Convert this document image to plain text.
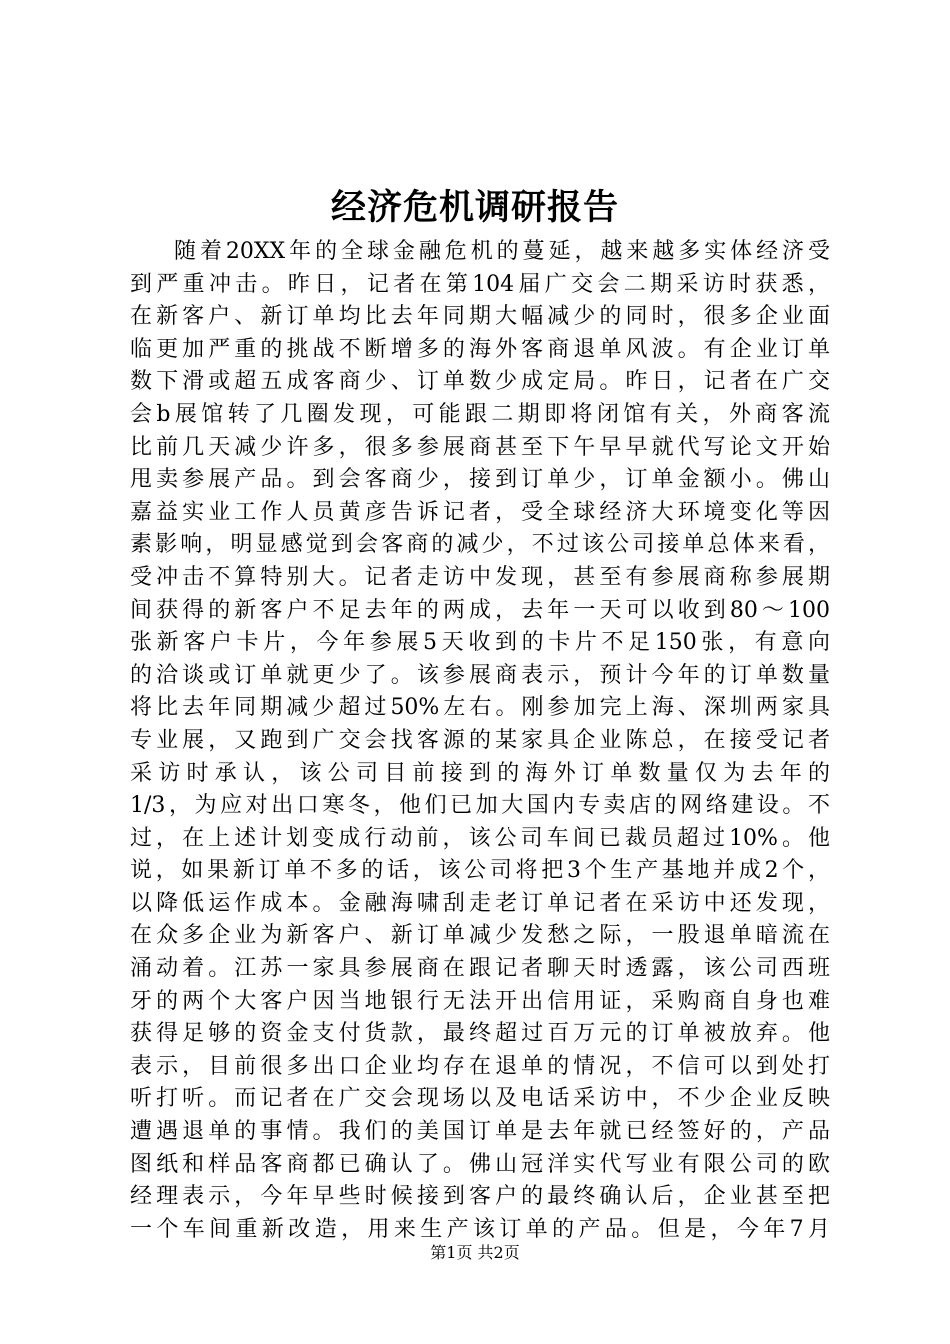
经济危机调研报告
随着20XX年的全球金融危机的蔓延，越来越多实体经济受
到严重冲击。昨日，记者在第104届广交会二期采访时获悉，
在新客户、新订单均比去年同期大幅减少的同时，很多企业面
临更加严重的挑战不断增多的海外客商退单风波。有企业订单
数下滑或超五成客商少、订单数少成定局。昨日，记者在广交
会b展馆转了几圈发现，可能跟二期即将闭馆有关，外商客流
比前几天减少许多，很多参展商甚至下午早早就代写论文开始
甩卖参展产品。到会客商少，接到订单少，订单金额小。佛山
嘉益实业工作人员黄彦告诉记者，受全球经济大环境变化等因
素影响，明显感觉到会客商的减少，不过该公司接单总体来看，
受冲击不算特别大。记者走访中发现，甚至有参展商称参展期
间获得的新客户不足去年的两成，去年一天可以收到80～100
张新客户卡片，今年参展5天收到的卡片不足150张，有意向
的洽谈或订单就更少了。该参展商表示，预计今年的订单数量
将比去年同期减少超过50%左右。刚参加完上海、深圳两家具
专业展，又跑到广交会找客源的某家具企业陈总，在接受记者
采访时承认，该公司目前接到的海外订单数量仅为去年的
1/3，为应对出口寒冬，他们已加大国内专卖店的网络建设。不
过，在上述计划变成行动前，该公司车间已裁员超过10%。他
说，如果新订单不多的话，该公司将把3个生产基地并成2个，
以降低运作成本。金融海啸刮走老订单记者在采访中还发现，
在众多企业为新客户、新订单减少发愁之际，一股退单暗流在
涌动着。江苏一家具参展商在跟记者聊天时透露，该公司西班
牙的两个大客户因当地银行无法开出信用证，采购商自身也难
获得足够的资金支付货款，最终超过百万元的订单被放弃。他
表示，目前很多出口企业均存在退单的情况，不信可以到处打
听打听。而记者在广交会现场以及电话采访中，不少企业反映
遭遇退单的事情。我们的美国订单是去年就已经签好的，产品
图纸和样品客商都已确认了。佛山冠洋实代写业有限公司的欧
经理表示，今年早些时候接到客户的最终确认后，企业甚至把
一个车间重新改造，用来生产该订单的产品。但是，今年7月
第1页 共2页
